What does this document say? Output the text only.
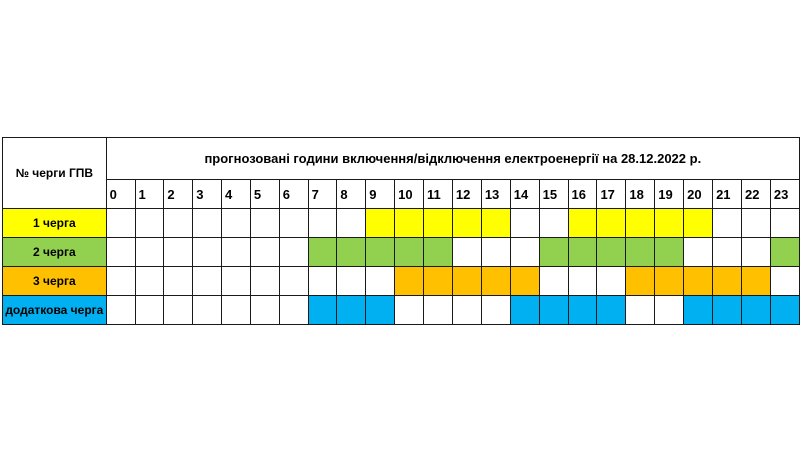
№ черги ГПВ	прогнозовані години включення/відключення електроенергії на 28.12.2022 р.																							
	0	1	2	3	4	5	6	7	8	9	10	11	12	13	14	15	16	17	18	19	20	21	22	23
1 черга																								
2 черга																								
3 черга																								
додаткова черга																								
